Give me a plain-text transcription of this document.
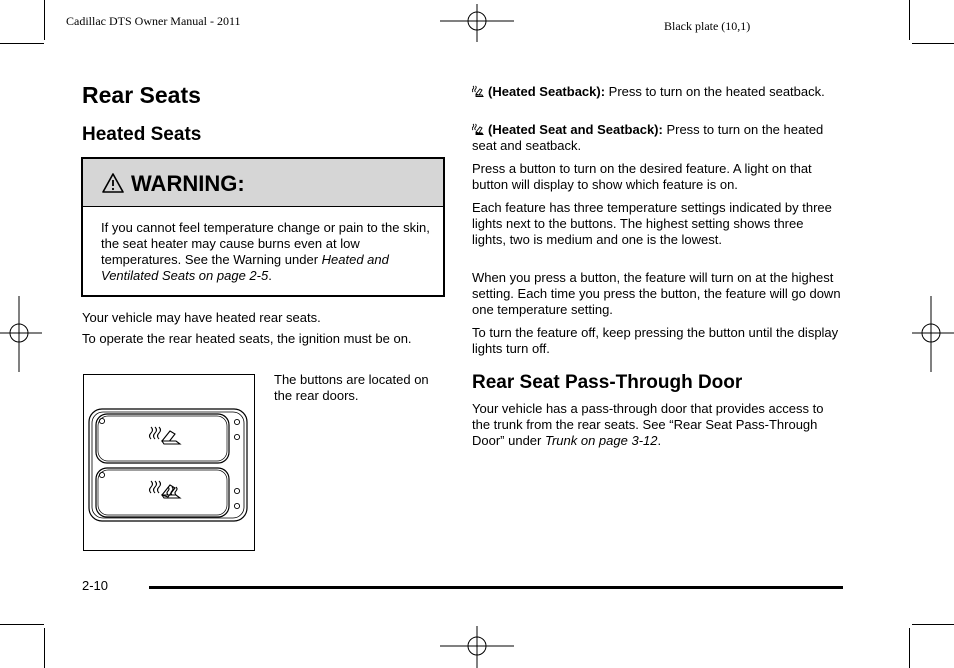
Cadillac DTS Owner Manual - 2011	Black plate (10,1)
Rear Seats
Heated Seats
WARNING:
If you cannot feel temperature change or pain to the skin, the seat heater may cause burns even at low temperatures. See the Warning under Heated and Ventilated Seats on page 2-5.
Your vehicle may have heated rear seats.
To operate the rear heated seats, the ignition must be on.
The buttons are located on the rear doors.
(Heated Seatback): Press to turn on the heated seatback.
(Heated Seat and Seatback): Press to turn on the heated seat and seatback.
Press a button to turn on the desired feature. A light on that button will display to show which feature is on.
Each feature has three temperature settings indicated by three lights next to the buttons. The highest setting shows three lights, two is medium and one is the lowest.
When you press a button, the feature will turn on at the highest setting. Each time you press the button, the feature will go down one temperature setting.
To turn the feature off, keep pressing the button until the display lights turn off.
Rear Seat Pass-Through Door
Your vehicle has a pass-through door that provides access to the trunk from the rear seats. See “Rear Seat Pass-Through Door” under Trunk on page 3-12.
2-10
